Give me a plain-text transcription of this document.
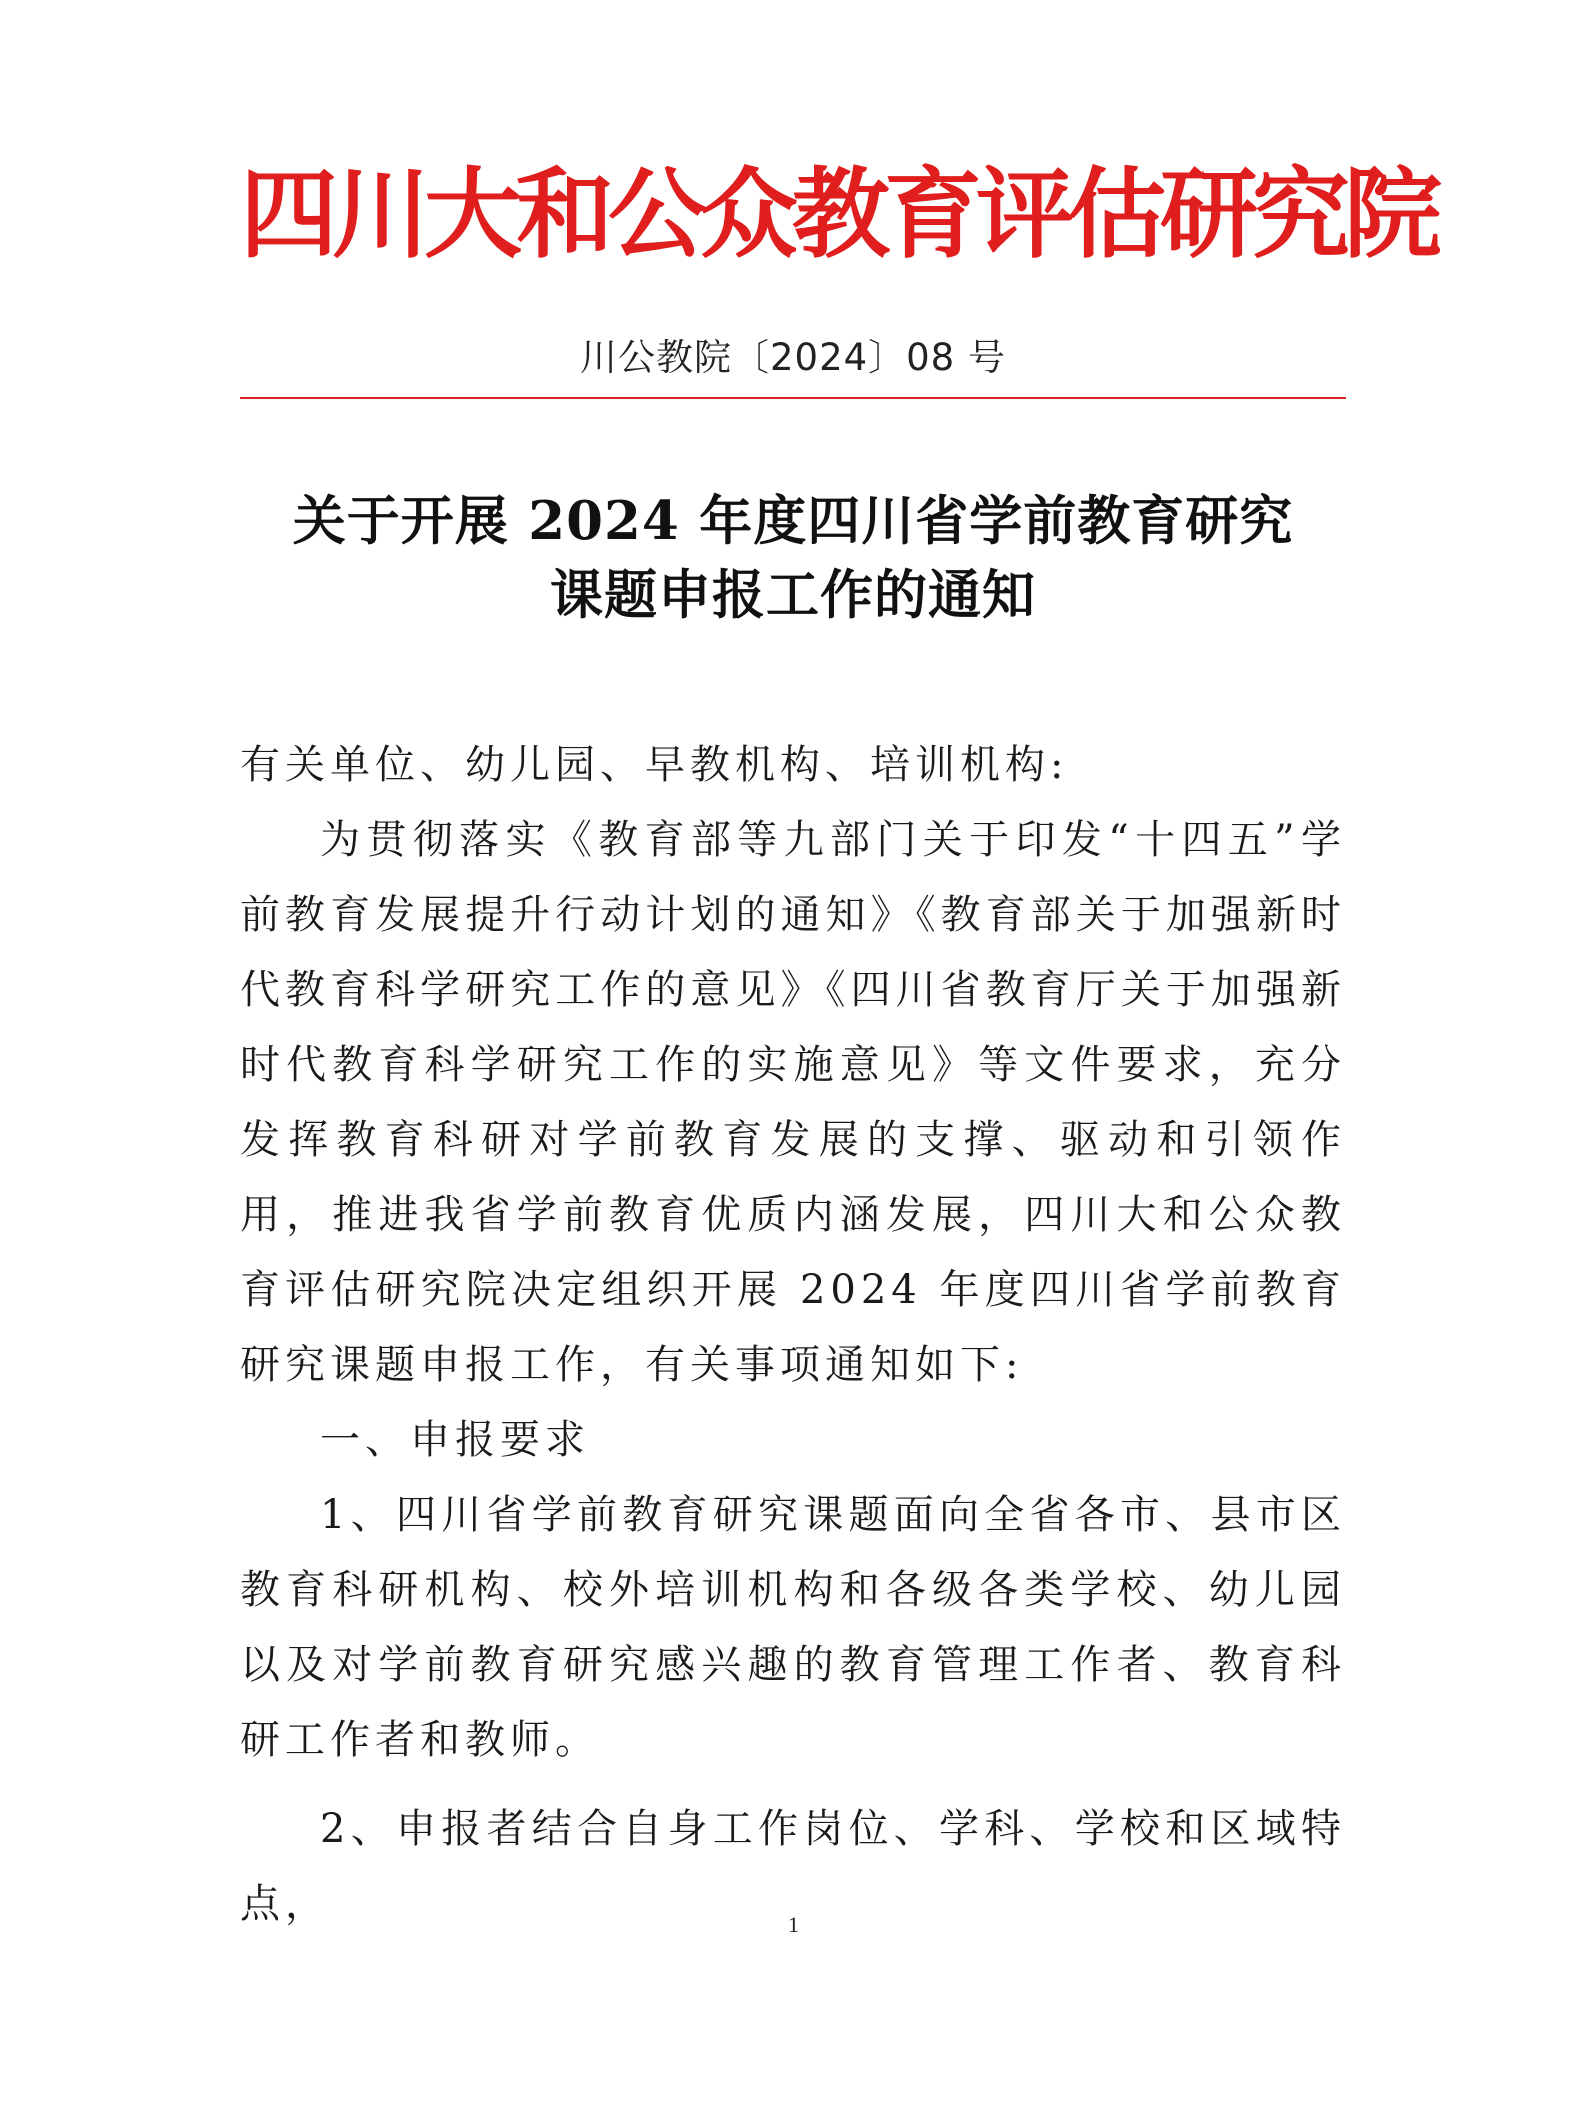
四川大和公众教育评估研究院
川公教院〔2024〕08 号
关于开展 2024 年度四川省学前教育研究
课题申报工作的通知

有关单位、幼儿园、早教机构、培训机构:

为贯彻落实《教育部等九部门关于印发“十四五”学前教育发展提升行动计划的通知》《教育部关于加强新时代教育科学研究工作的意见》《四川省教育厅关于加强新时代教育科学研究工作的实施意见》等文件要求，充分发挥教育科研对学前教育发展的支撑、驱动和引领作用，推进我省学前教育优质内涵发展，四川大和公众教育评估研究院决定组织开展 2024 年度四川省学前教育研究课题申报工作，有关事项通知如下:

一、申报要求

1、四川省学前教育研究课题面向全省各市、县市区教育科研机构、校外培训机构和各级各类学校、幼儿园以及对学前教育研究感兴趣的教育管理工作者、教育科研工作者和教师。

2、申报者结合自身工作岗位、学科、学校和区域特点，	1
